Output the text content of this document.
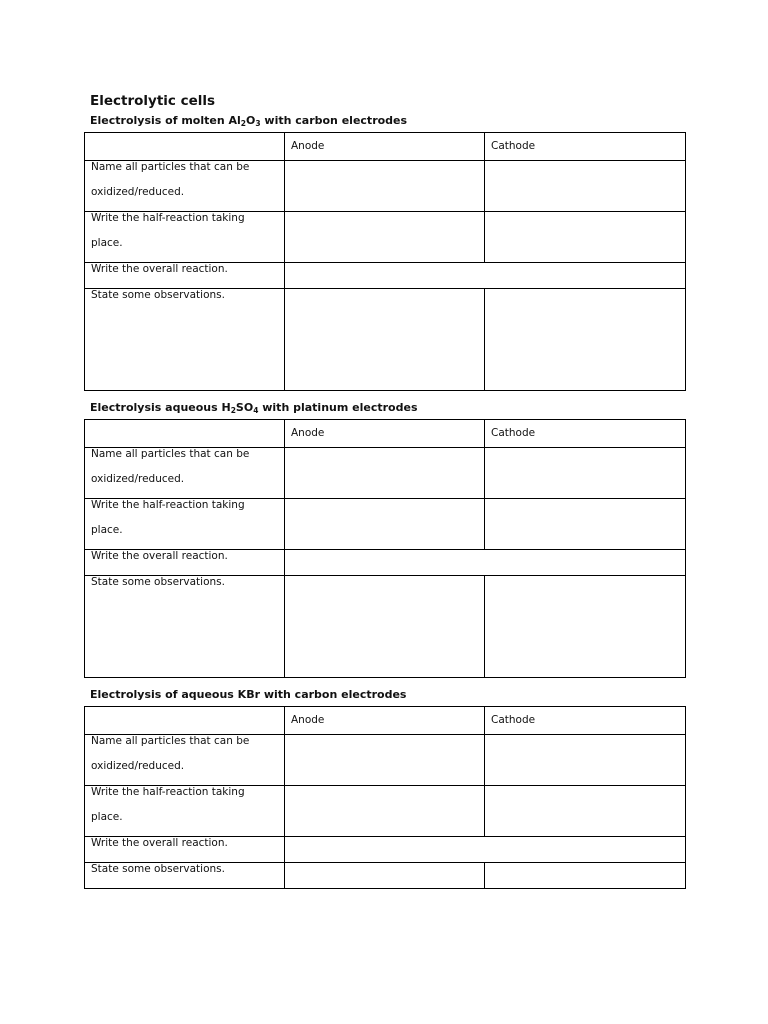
Electrolytic cells
Electrolysis of molten $Al_2O_3$ with carbon electrodes

	Anode	Cathode

Name all particles that can be oxidized/reduced.		

Write the half-reaction taking place.		

Write the overall reaction.		

State some observations.		

Electrolysis aqueous $H_2SO_4$ with platinum electrodes

	Anode	Cathode

Name all particles that can be oxidized/reduced.		

Write the half-reaction taking place.		

Write the overall reaction.		

State some observations.		

Electrolysis of aqueous KBr with carbon electrodes

	Anode	Cathode

Name all particles that can be oxidized/reduced.		

Write the half-reaction taking place.		

Write the overall reaction.		

State some observations.		
